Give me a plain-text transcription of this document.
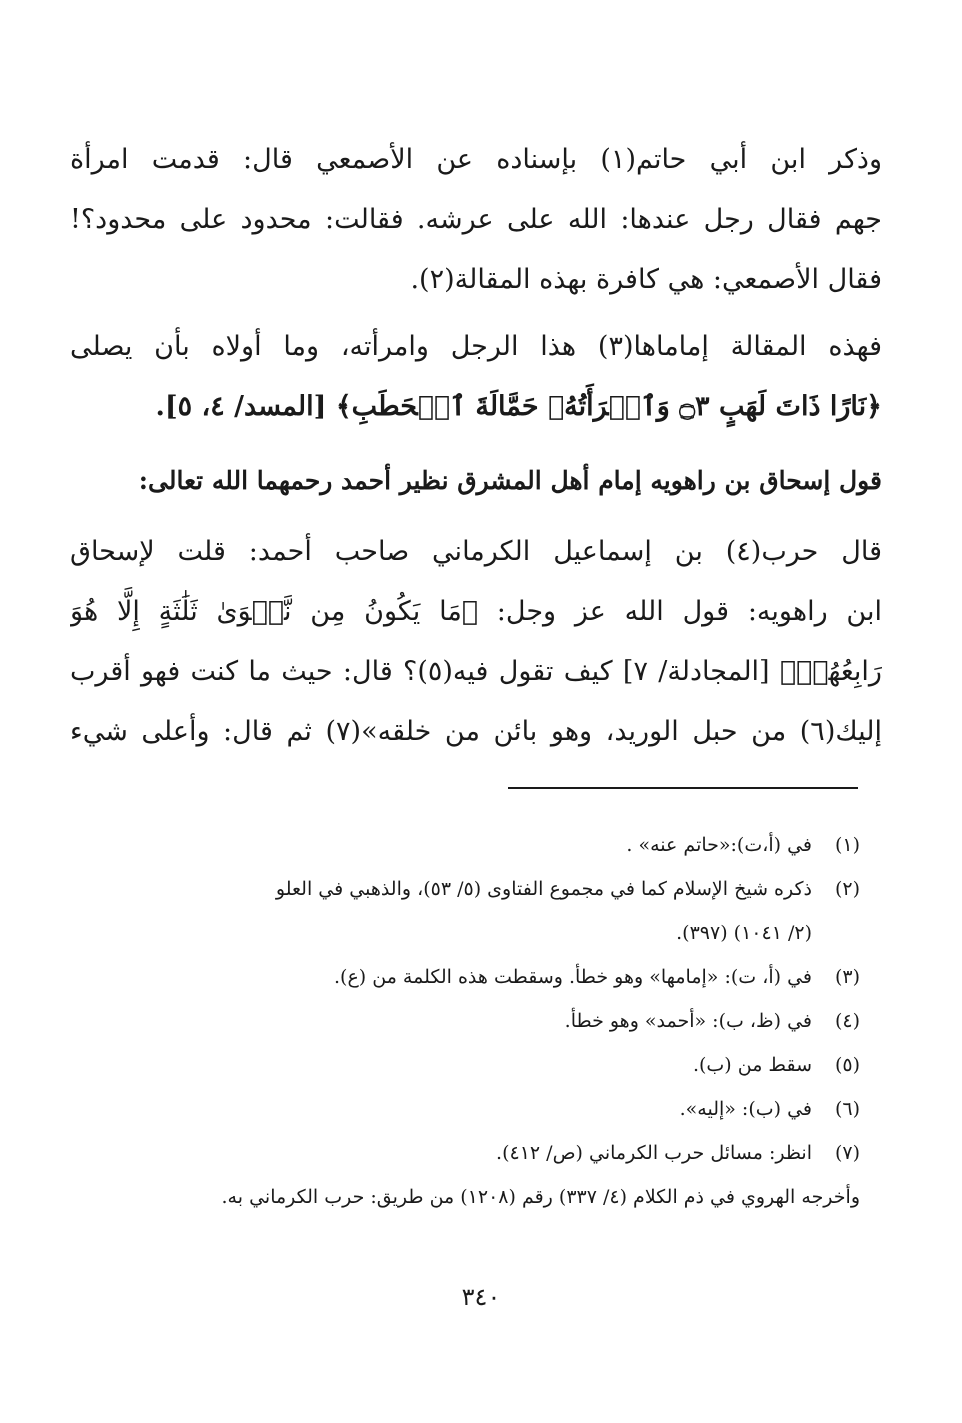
وذكر ابن أبي حاتم(١) بإسناده عن الأصمعي قال: قدمت امرأة
جهم فقال رجل عندها: الله على عرشه. فقالت: محدود على محدود؟!
فقال الأصمعي: هي كافرة بهذه المقالة(٢).
فهذه المقالة إماماها(٣) هذا الرجل وامرأته، وما أولاه بأن يصلى
﴿نَارًا ذَاتَ لَهَبٍ ۝٣ وَٱمۡرَأَتُهُۥ حَمَّالَةَ ٱلۡحَطَبِ﴾ [المسد/ ٤، ٥].
قول إسحاق بن راهويه إمام أهل المشرق نظير أحمد رحمهما الله تعالى:
قال حرب(٤) بن إسماعيل الكرماني صاحب أحمد: قلت لإسحاق
ابن راهويه: قول الله عز وجل: ﴿مَا يَكُونُ مِن نَّجۡوَىٰ ثَلَٰثَةٍ إِلَّا هُوَ
رَابِعُهُمۡ﴾ [المجادلة/ ٧] كيف تقول فيه(٥)؟ قال: حيث ما كنت فهو أقرب
إليك(٦) من حبل الوريد، وهو بائن من خلقه»(٧) ثم قال: وأعلى شيء
(١)
في (أ،ت):«حاتم عنه» .
(٢)
ذكره شيخ الإسلام كما في مجموع الفتاوى (٥/ ٥٣)، والذهبي في العلو
(٢/ ١٠٤١) (٣٩٧).
(٣)
في (أ، ت): «إمامها» وهو خطأ. وسقطت هذه الكلمة من (ع).
(٤)
في (ظ، ب): «أحمد» وهو خطأ.
(٥)
سقط من (ب).
(٦)
في (ب): «إليه».
(٧)
انظر: مسائل حرب الكرماني (ص/ ٤١٢).
وأخرجه الهروي في ذم الكلام (٤/ ٣٣٧) رقم (١٢٠٨) من طريق: حرب الكرماني به.
٣٤٠
